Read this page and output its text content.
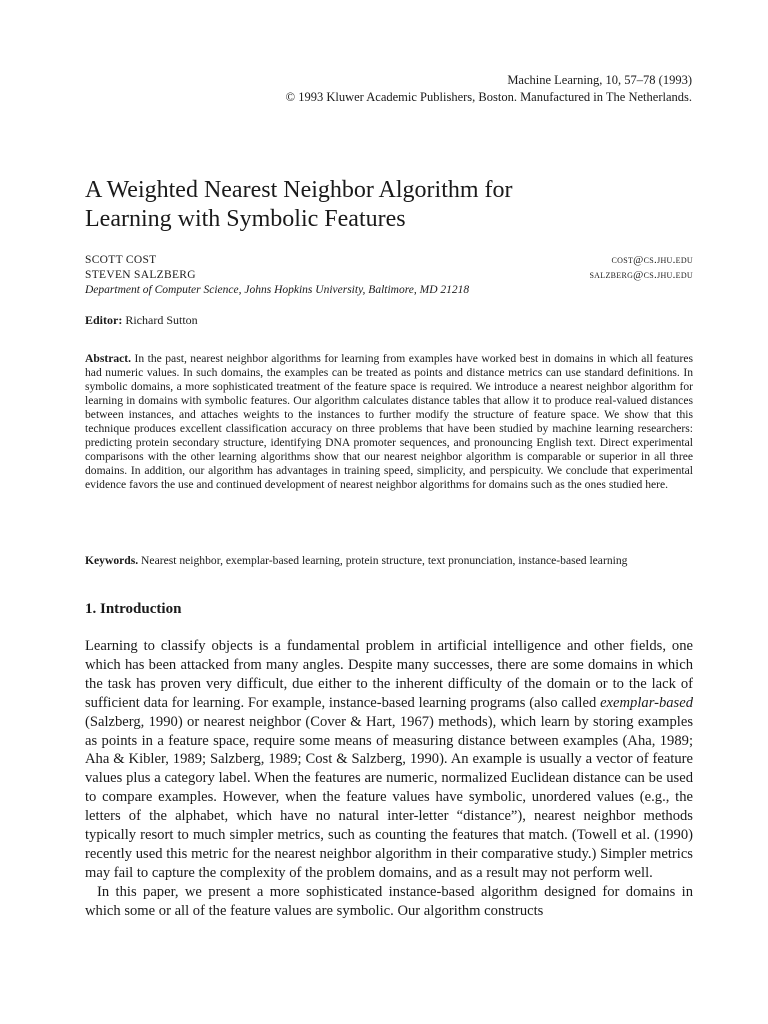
Machine Learning, 10, 57–78 (1993)
© 1993 Kluwer Academic Publishers, Boston. Manufactured in The Netherlands.
A Weighted Nearest Neighbor Algorithm for
Learning with Symbolic Features
SCOTT COST	cost@cs.jhu.edu
STEVEN SALZBERG	salzberg@cs.jhu.edu
Department of Computer Science, Johns Hopkins University, Baltimore, MD 21218
Editor: Richard Sutton

Abstract. In the past, nearest neighbor algorithms for learning from examples have worked best in domains in which all features had numeric values. In such domains, the examples can be treated as points and distance metrics can use standard definitions. In symbolic domains, a more sophisticated treatment of the feature space is required. We introduce a nearest neighbor algorithm for learning in domains with symbolic features. Our algorithm calculates distance tables that allow it to produce real-valued distances between instances, and attaches weights to the instances to further modify the structure of feature space. We show that this technique produces excellent classification accuracy on three problems that have been studied by machine learning researchers: predicting protein secondary structure, identifying DNA promoter sequences, and pronouncing English text. Direct experimental comparisons with the other learning algorithms show that our nearest neighbor algorithm is comparable or superior in all three domains. In addition, our algorithm has advantages in training speed, simplicity, and perspicuity. We conclude that experimental evidence favors the use and continued development of nearest neighbor algorithms for domains such as the ones studied here.

Keywords. Nearest neighbor, exemplar-based learning, protein structure, text pronunciation, instance-based learning

1. Introduction

Learning to classify objects is a fundamental problem in artificial intelligence and other fields, one which has been attacked from many angles. Despite many successes, there are some domains in which the task has proven very difficult, due either to the inherent difficulty of the domain or to the lack of sufficient data for learning. For example, instance-based learning programs (also called exemplar-based (Salzberg, 1990) or nearest neighbor (Cover & Hart, 1967) methods), which learn by storing examples as points in a feature space, require some means of measuring distance between examples (Aha, 1989; Aha & Kibler, 1989; Salzberg, 1989; Cost & Salzberg, 1990). An example is usually a vector of feature values plus a category label. When the features are numeric, normalized Euclidean distance can be used to compare examples. However, when the feature values have symbolic, unordered values (e.g., the letters of the alphabet, which have no natural inter-letter “distance”), nearest neighbor methods typically resort to much simpler metrics, such as counting the features that match. (Towell et al. (1990) recently used this metric for the nearest neighbor algorithm in their comparative study.) Simpler metrics may fail to capture the complexity of the problem domains, and as a result may not perform well.

In this paper, we present a more sophisticated instance-based algorithm designed for domains in which some or all of the feature values are symbolic. Our algorithm constructs
